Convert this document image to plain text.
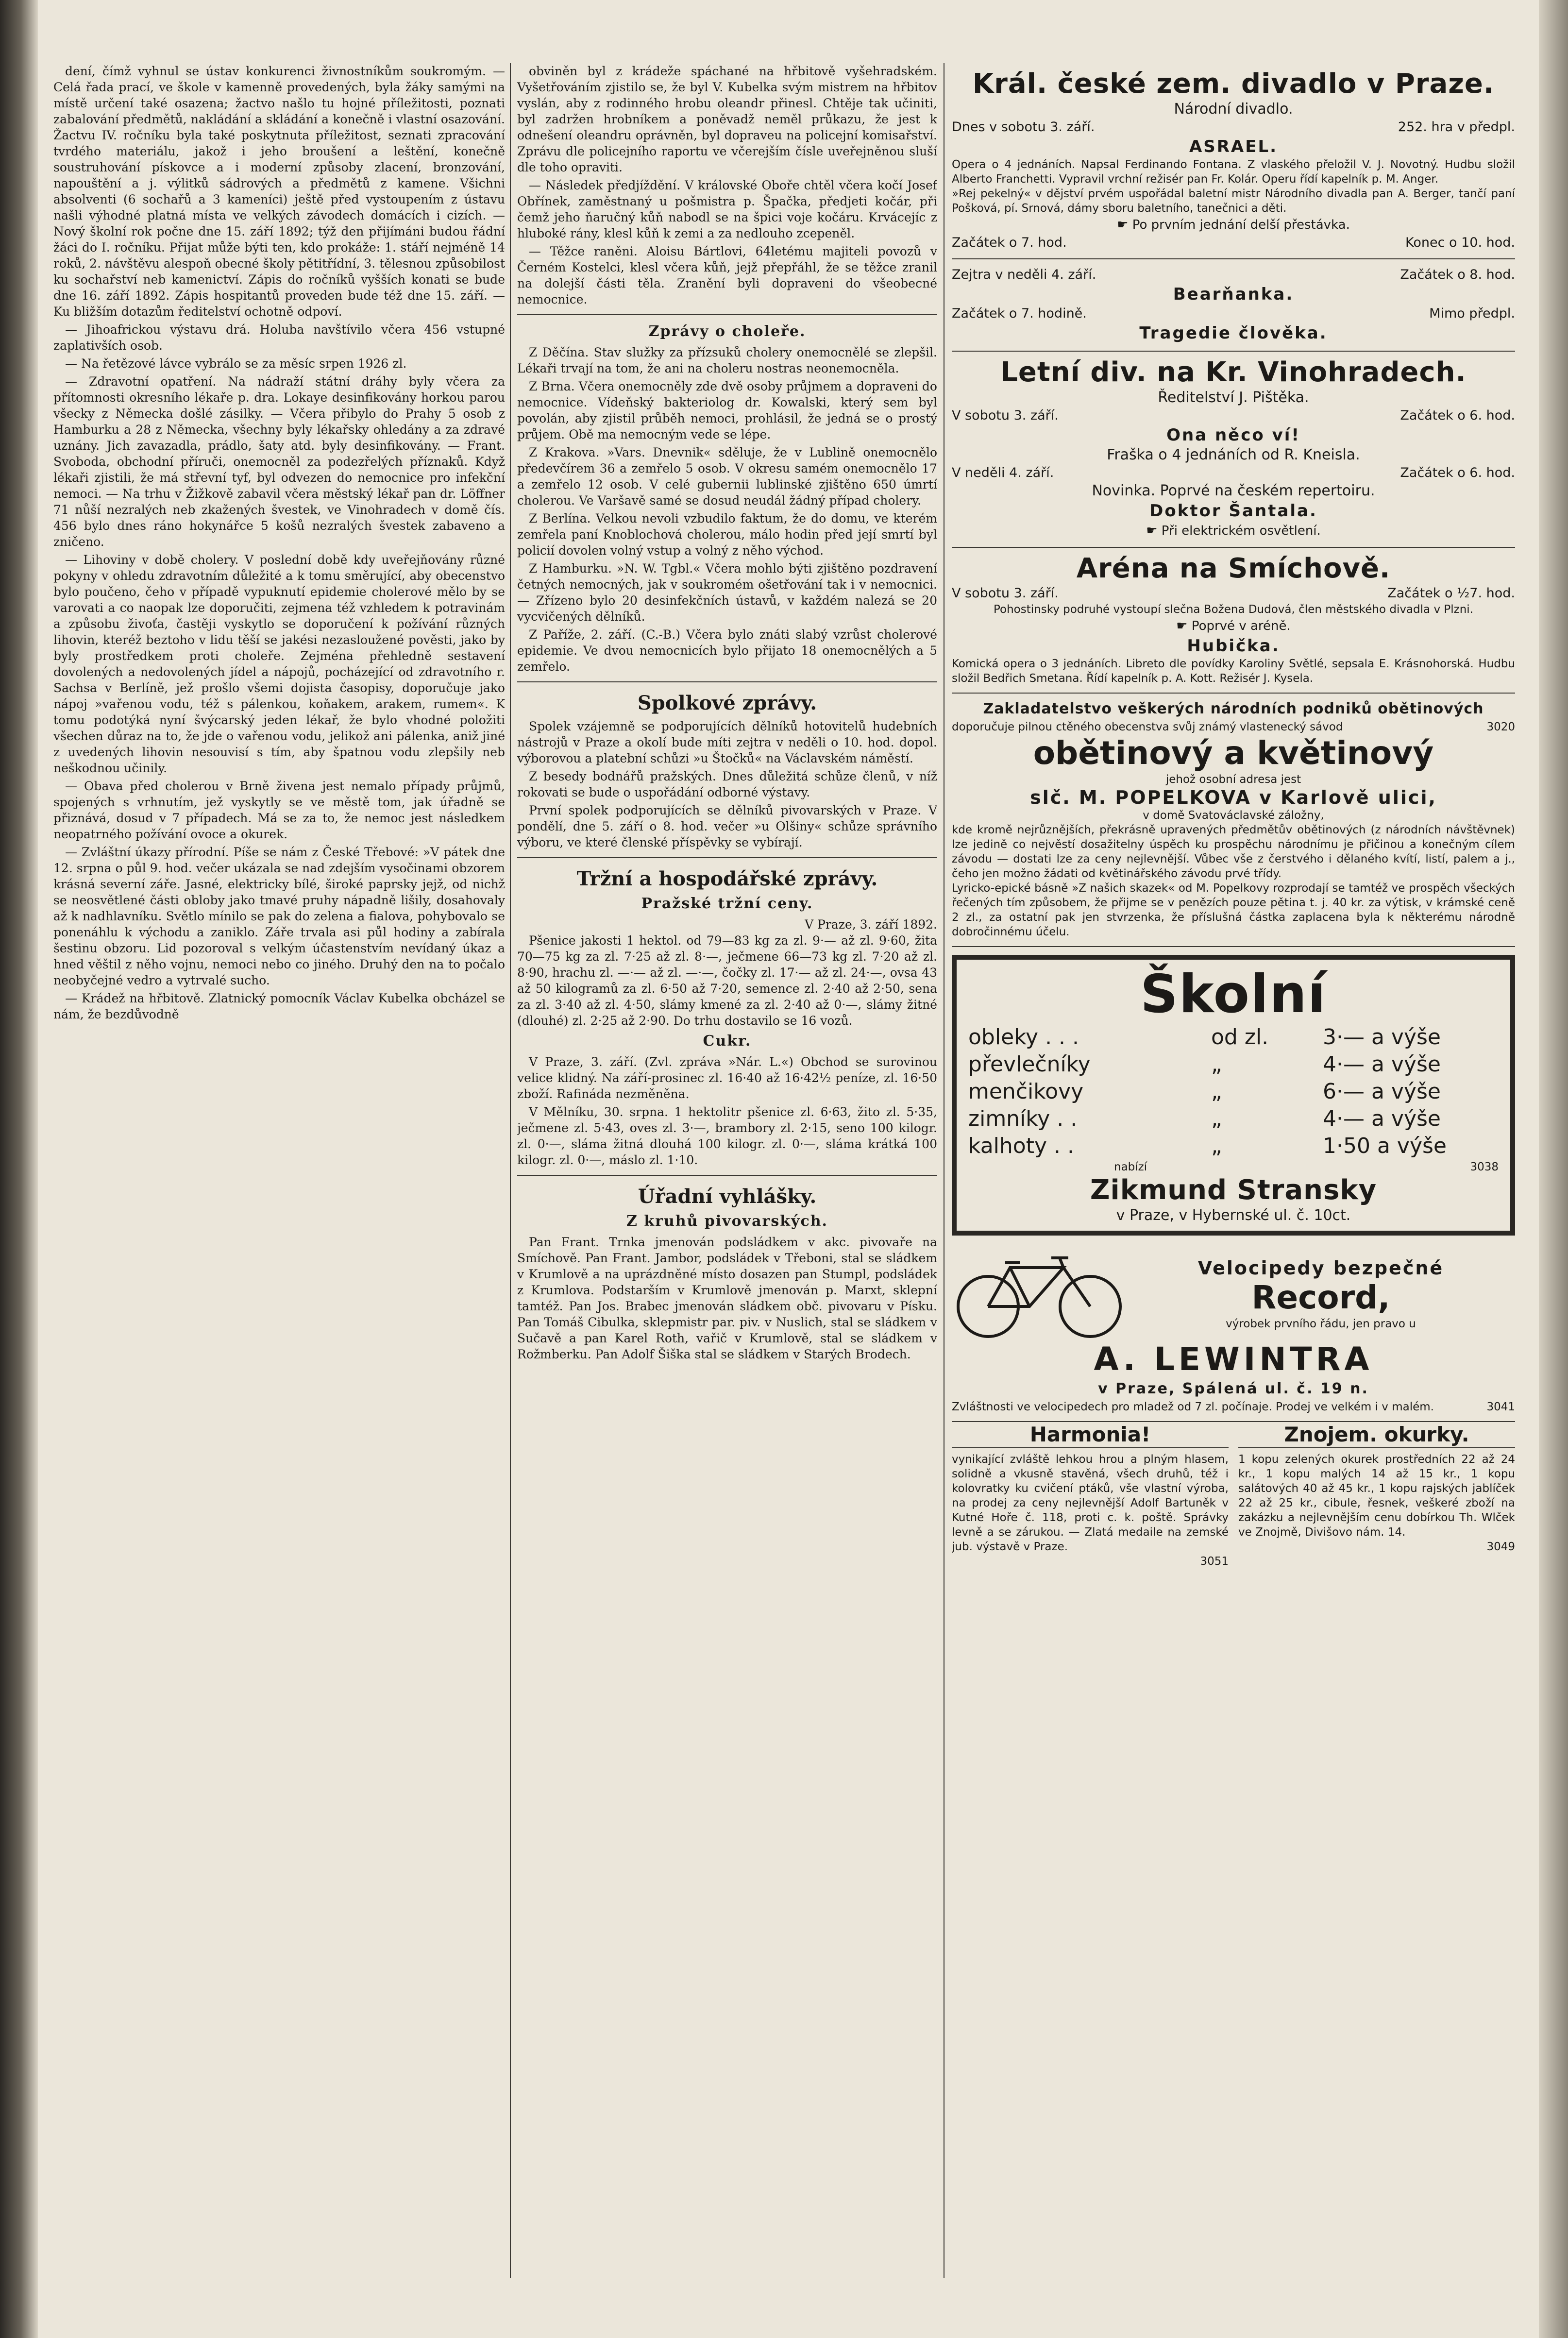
dení, čímž vyhnul se ústav konkurenci živnostníkům soukromým. — Celá řada prací, ve škole v kamenně provedených, byla žáky samými na místě určení také osazena; žactvo našlo tu hojné příležitosti, poznati zabalování předmětů, nakládání a skládání a konečně i vlastní osazování. Žactvu IV. ročníku byla také poskytnuta příležitost, seznati zpracování tvrdého materiálu, jakož i jeho broušení a leštění, konečně soustruhování pískovce a i moderní způsoby zlacení, bronzování, napouštění a j. výlitků sádrových a předmětů z kamene. Všichni absolventi (6 sochařů a 3 kameníci) ještě před vystoupením z ústavu našli výhodné platná místa ve velkých závodech domácích i cizích. — Nový školní rok počne dne 15. září 1892; týž den přijímáni budou řádní žáci do I. ročníku. Přijat může býti ten, kdo prokáže: 1. stáří nejméně 14 roků, 2. návštěvu alespoň obecné školy pětitřídní, 3. tělesnou způsobilost ku sochařství neb kamenictví. Zápis do ročníků vyšších konati se bude dne 16. září 1892. Zápis hospitantů proveden bude též dne 15. září. — Ku bližším dotazům ředitelství ochotně odpoví.

— Jihoafrickou výstavu drá. Holuba navštívilo včera 456 vstupné zaplativších osob.

— Na řetězové lávce vybrálo se za měsíc srpen 1926 zl.

— Zdravotní opatření. Na nádraží státní dráhy byly včera za přítomnosti okresního lékaře p. dra. Lokaye desinfikovány horkou parou všecky z Německa došlé zásilky. — Včera přibylo do Prahy 5 osob z Hamburku a 28 z Německa, všechny byly lékařsky ohledány a za zdravé uznány. Jich zavazadla, prádlo, šaty atd. byly desinfikovány. — Frant. Svoboda, obchodní příruči, onemocněl za podezřelých příznaků. Když lékaři zjistili, že má střevní tyf, byl odvezen do nemocnice pro infekční nemoci. — Na trhu v Žižkově zabavil včera městský lékař pan dr. Löffner 71 nůší nezralých neb zkažených švestek, ve Vinohradech v domě čís. 456 bylo dnes ráno hokynářce 5 košů nezralých švestek zabaveno a zničeno.

— Lihoviny v době cholery. V poslední době kdy uveřejňovány různé pokyny v ohledu zdravotním důležité a k tomu směrující, aby obecenstvo bylo poučeno, čeho v případě vypuknutí epidemie cholerové mělo by se varovati a co naopak lze doporučiti, zejmena též vzhledem k potravinám a způsobu živoťa, častěji vyskytlo se doporučení k požívání různých lihovin, kteréž beztoho v lidu těší se jakési nezasloužené pověsti, jako by byly prostředkem proti choleře. Zejména přehledně sestavení dovolených a nedovolených jídel a nápojů, pocházející od zdravotního r. Sachsa v Berlíně, jež prošlo všemi dojista časopisy, doporučuje jako nápoj »vařenou vodu, též s pálenkou, koňakem, arakem, rumem«. K tomu podotýká nyní švýcarský jeden lékař, že bylo vhodné položiti všechen důraz na to, že jde o vařenou vodu, jelikož ani pálenka, aniž jiné z uvedených lihovin nesouvisí s tím, aby špatnou vodu zlepšily neb neškodnou učinily.

— Obava před cholerou v Brně živena jest nemalo případy průjmů, spojených s vrhnutím, jež vyskytly se ve městě tom, jak úřadně se přiznává, dosud v 7 případech. Má se za to, že nemoc jest následkem neopatrného požívání ovoce a okurek.

— Zvláštní úkazy přírodní. Píše se nám z České Třebové: »V pátek dne 12. srpna o půl 9. hod. večer ukázala se nad zdejším vysočinami obzorem krásná severní záře. Jasné, elektricky bílé, široké paprsky jejž, od nichž se neosvětlené části obloby jako tmavé pruhy nápadně lišily, dosahovaly až k nadhlavníku. Světlo mínilo se pak do zelena a fialova, pohybovalo se ponenáhlu k východu a zaniklo. Záře trvala asi půl hodiny a zabírala šestinu obzoru. Lid pozoroval s velkým účastenstvím nevídaný úkaz a hned věštil z něho vojnu, nemoci nebo co jiného. Druhý den na to počalo neobyčejné vedro a vytrvalé sucho.

— Krádež na hřbitově. Zlatnický pomocník Václav Kubelka obcházel se nám, že bezdůvodně

obviněn byl z krádeže spáchané na hřbitově vyšehradském. Vyšetřováním zjistilo se, že byl V. Kubelka svým mistrem na hřbitov vyslán, aby z rodinného hrobu oleandr přinesl. Chtěje tak učiniti, byl zadržen hrobníkem a poněvadž neměl průkazu, že jest k odnešení oleandru oprávněn, byl dopraveu na policejní komisařství. Zprávu dle policejního raportu ve včerejším čísle uveřejněnou sluší dle toho opraviti.

— Následek předjíždění. V královské Oboře chtěl včera kočí Josef Obřínek, zaměstnaný u pošmistra p. Špačka, předjeti kočár, při čemž jeho ňaručný kůň nabodl se na špici voje kočáru. Krvácejíc z hluboké rány, klesl kůň k zemi a za nedlouho zcepeněl.

— Těžce raněni. Aloisu Bártlovi, 64letému majiteli povozů v Černém Kostelci, klesl včera kůň, jejž přepřáhl, že se těžce zranil na dolejší části těla. Zranění byli dopraveni do všeobecné nemocnice.

Zprávy o choleře.

Z Děčína. Stav služky za přízsuků cholery onemocnělé se zlepšil. Lékaři trvají na tom, že ani na choleru nostras neonemocněla.

Z Brna. Včera onemocněly zde dvě osoby průjmem a dopraveni do nemocnice. Vídeňský bakteriolog dr. Kowalski, který sem byl povolán, aby zjistil průběh nemoci, prohlásil, že jedná se o prostý průjem. Obě ma nemocným vede se lépe.

Z Krakova. »Vars. Dnevnik« sděluje, že v Lublině onemocnělo předevčírem 36 a zemřelo 5 osob. V okresu samém onemocnělo 17 a zemřelo 12 osob. V celé gubernii lublinské zjištěno 650 úmrtí cholerou. Ve Varšavě samé se dosud neudál žádný případ cholery.

Z Berlína. Velkou nevoli vzbudilo faktum, že do domu, ve kterém zemřela paní Knoblochová cholerou, málo hodin před její smrtí byl policií dovolen volný vstup a volný z něho východ.

Z Hamburku. »N. W. Tgbl.« Včera mohlo býti zjištěno pozdravení četných nemocných, jak v soukromém ošetřování tak i v nemocnici. — Zřízeno bylo 20 desinfekčních ústavů, v každém nalezá se 20 vycvičených dělníků.

Z Paříže, 2. září. (C.-B.) Včera bylo znáti slabý vzrůst cholerové epidemie. Ve dvou nemocnicích bylo přijato 18 onemocnělých a 5 zemřelo.

Spolkové zprávy.

Spolek vzájemně se podporujících dělníků hotovitelů hudebních nástrojů v Praze a okolí bude míti zejtra v neděli o 10. hod. dopol. výborovou a platební schůzi »u Štočků« na Václavském náměstí.

Z besedy bodnářů pražských. Dnes důležitá schůze členů, v níž rokovati se bude o uspořádání odborné výstavy.

První spolek podporujících se dělníků pivovarských v Praze. V pondělí, dne 5. září o 8. hod. večer »u Olšiny« schůze správního výboru, ve které členské příspěvky se vybírají.

Tržní a hospodářské zprávy.
Pražské tržní ceny.
V Praze, 3. září 1892.

Pšenice jakosti 1 hektol. od 79—83 kg za zl. 9·— až zl. 9·60, žita 70—75 kg za zl. 7·25 až zl. 8·—, ječmene 66—73 kg zl. 7·20 až zl. 8·90, hrachu zl. —·— až zl. —·—, čočky zl. 17·— až zl. 24·—, ovsa 43 až 50 kilogramů za zl. 6·50 až 7·20, semence zl. 2·40 až 2·50, sena za zl. 3·40 až zl. 4·50, slámy kmené za zl. 2·40 až 0·—, slámy žitné (dlouhé) zl. 2·25 až 2·90. Do trhu dostavilo se 16 vozů.

Cukr.

V Praze, 3. září. (Zvl. zpráva »Nár. L.«) Obchod se surovinou velice klidný. Na září-prosinec zl. 16·40 až 16·42½ peníze, zl. 16·50 zboží. Rafináda nezměněna.

V Mělníku, 30. srpna. 1 hektolitr pšenice zl. 6·63, žito zl. 5·35, ječmene zl. 5·43, oves zl. 3·—, brambory zl. 2·15, seno 100 kilogr. zl. 0·—, sláma žitná dlouhá 100 kilogr. zl. 0·—, sláma krátká 100 kilogr. zl. 0·—, máslo zl. 1·10.

Úřadní vyhlášky.
Z kruhů pivovarských.

Pan Frant. Trnka jmenován podsládkem v akc. pivovaře na Smíchově. Pan Frant. Jambor, podsládek v Třeboni, stal se sládkem v Krumlově a na uprázdněné místo dosazen pan Stumpl, podsládek z Krumlova. Podstarším v Krumlově jmenován p. Marxt, sklepní tamtéž. Pan Jos. Brabec jmenován sládkem obč. pivovaru v Písku. Pan Tomáš Cibulka, sklepmistr par. piv. v Nuslich, stal se sládkem v Sučavě a pan Karel Roth, vařič v Krumlově, stal se sládkem v Rožmberku. Pan Adolf Šiška stal se sládkem v Starých Brodech.

Král. české zem. divadlo v Praze.
Národní divadlo.
Dnes v sobotu 3. září.	252. hra v předpl.
ASRAEL.
Opera o 4 jednáních. Napsal Ferdinando Fontana. Z vlaského přeložil V. J. Novotný. Hudbu složil Alberto Franchetti. Vypravil vrchní režisér pan Fr. Kolár. Operu řídí kapelník p. M. Anger.
»Rej pekelný« v dějství prvém uspořádal baletní mistr Národního divadla pan A. Berger, tančí paní Pošková, pí. Srnová, dámy sboru baletního, tanečnici a děti.
☛ Po prvním jednání delší přestávka.
Začátek o 7. hod.	Konec o 10. hod.
Zejtra v neděli 4. září.	Začátek o 8. hod.
Bearňanka.
Začátek o 7. hodině.	Mimo předpl.
Tragedie člověka.
Letní div. na Kr. Vinohradech.
Ředitelství J. Pištěka.
V sobotu 3. září.	Začátek o 6. hod.
Ona něco ví!
Fraška o 4 jednáních od R. Kneisla.
V neděli 4. září.	Začátek o 6. hod.
Novinka. Poprvé na českém repertoiru.
Doktor Šantala.
☛ Při elektrickém osvětlení.
Aréna na Smíchově.
V sobotu 3. září.	Začátek o ½7. hod.
Pohostinsky podruhé vystoupí slečna Božena Dudová, člen městského divadla v Plzni.
☛ Poprvé v aréně.
Hubička.
Komická opera o 3 jednáních. Libreto dle povídky Karoliny Světlé, sepsala E. Krásnohorská. Hudbu složil Bedřich Smetana. Řídí kapelník p. A. Kott. Režisér J. Kysela.
Zakladatelstvo veškerých národních podniků obětinových
doporučuje pilnou ctěného obecenstva svůj známý vlastenecký sávod	3020
obětinový a květinový
jehož osobní adresa jest
slč. M. POPELKOVA v Karlově ulici,
v domě Svatováclavské záložny,
kde kromě nejrůznějších, překrásně upravených předmětův obětinových (z národních návštěvnek) lze jedině co nejvěstí dosažitelny úspěch ku prospěchu národnímu je přičinou a konečným cílem závodu — dostati lze za ceny nejlevnější. Vůbec vše z čerstvého i dělaného kvítí, listí, palem a j., čeho jen možno žádati od květinářského závodu prvé třídy.
Lyricko-epické básně »Z našich skazek« od M. Popelkovy rozprodají se tamtéž ve prospěch všeckých řečených tím způsobem, že přijme se v penězích pouze pětina t. j. 40 kr. za výtisk, v krámské ceně 2 zl., za ostatní pak jen stvrzenka, že příslušná částka zaplacena byla k některému národně dobročinnému účelu.
Školní
obleky . . .	od zl.	3·— a výše
převlečníky	„	4·— a výše
menčikovy	„	6·— a výše
zimníky . .	„	4·— a výše
kalhoty . .	„	1·50 a výše
nabízí	3038
Zikmund Stransky
v Praze, v Hybernské ul. č. 10ct.
Velocipedy bezpečné
Record,
výrobek prvního řádu, jen pravo u
A. LEWINTRA
v Praze, Spálená ul. č. 19 n.
Zvláštnosti ve velocipedech pro mladež od 7 zl. počínaje. Prodej ve velkém i v malém.	3041
Harmonia!
vynikající zvláště lehkou hrou a plným hlasem, solidně a vkusně stavěná, všech druhů, též i kolovratky ku cvičení ptáků, vše vlastní výroba, na prodej za ceny nejlevnější Adolf Bartuněk v Kutné Hoře č. 118, proti c. k. poště. Správky levně a se zárukou. — Zlatá medaile na zemské jub. výstavě v Praze.
3051
Znojem. okurky.
1 kopu zelených okurek prostředních 22 až 24 kr., 1 kopu malých 14 až 15 kr., 1 kopu salátových 40 až 45 kr., 1 kopu rajských jablíček 22 až 25 kr., cibule, řesnek, veškeré zboží na zakázku a nejlevnějším cenu dobírkou Th. Wlček ve Znojmě, Divišovo nám. 14.
3049
